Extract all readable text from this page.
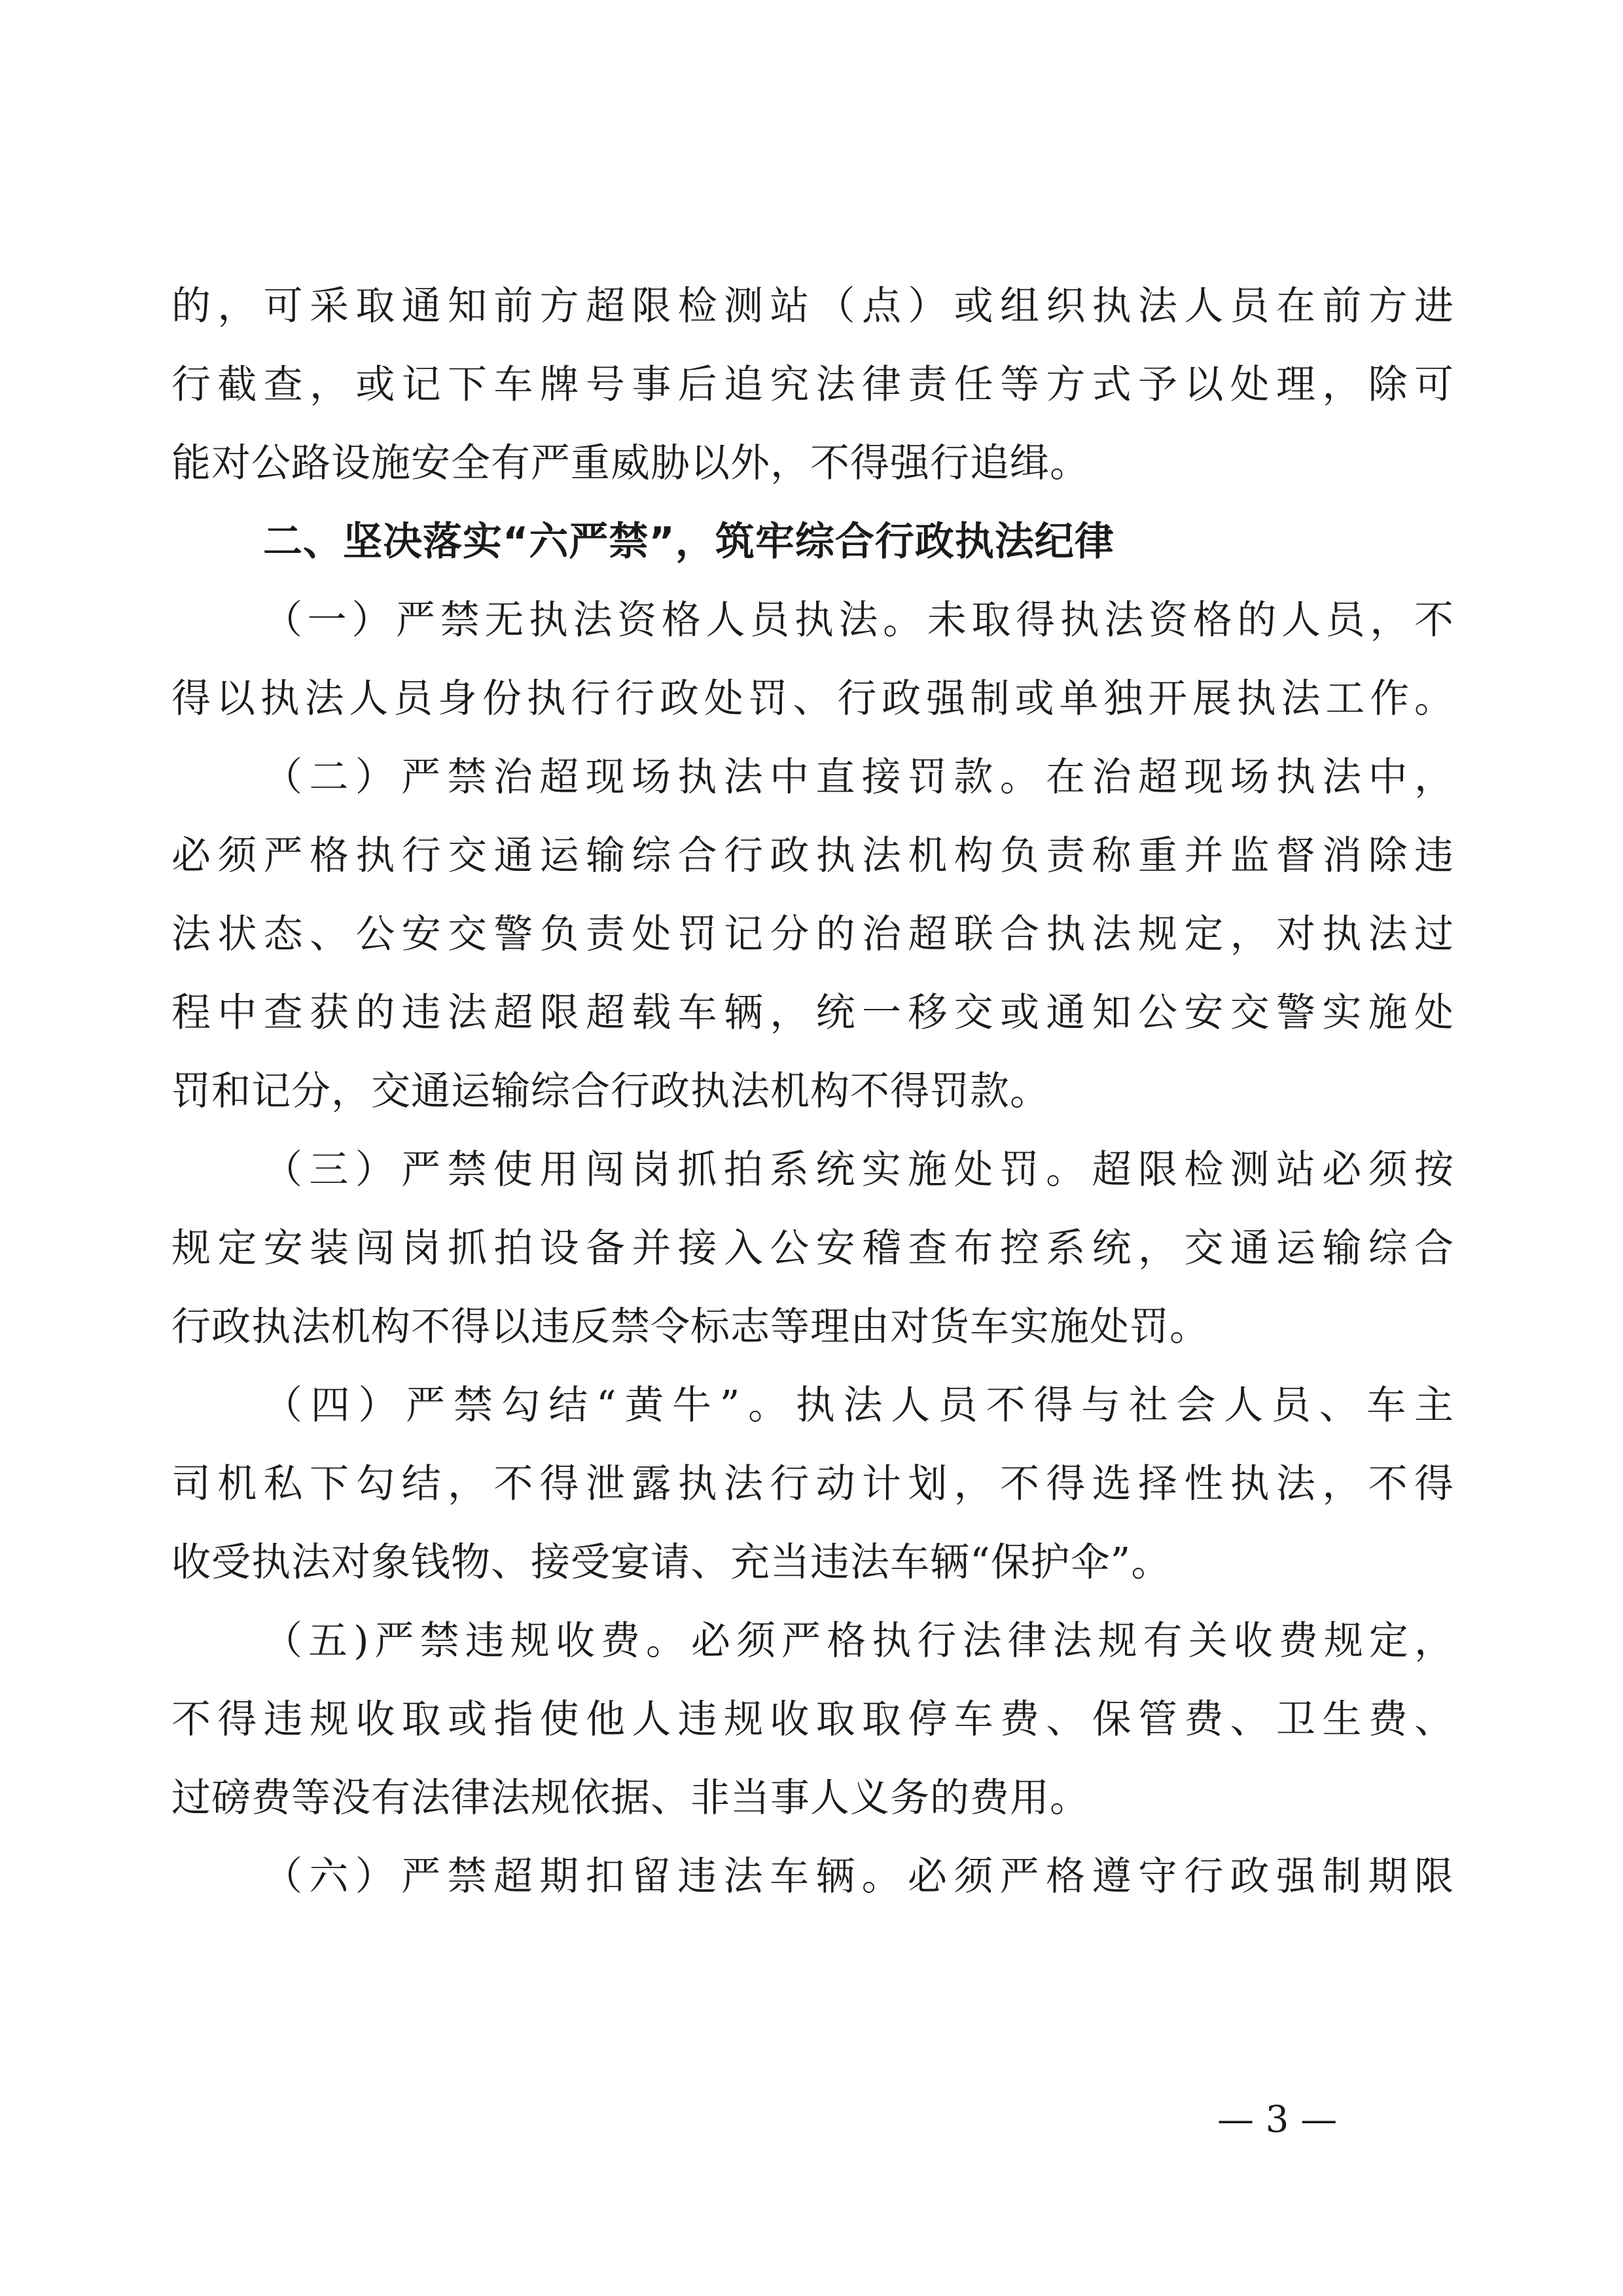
的，可采取通知前方超限检测站（点）或组织执法人员在前方进
行截查，或记下车牌号事后追究法律责任等方式予以处理，除可
能对公路设施安全有严重威胁以外，不得强行追缉。
二、坚决落实“六严禁”，筑牢综合行政执法纪律
（一）严禁无执法资格人员执法。未取得执法资格的人员，不
得以执法人员身份执行行政处罚、行政强制或单独开展执法工作。
（二）严禁治超现场执法中直接罚款。在治超现场执法中，
必须严格执行交通运输综合行政执法机构负责称重并监督消除违
法状态、公安交警负责处罚记分的治超联合执法规定，对执法过
程中查获的违法超限超载车辆，统一移交或通知公安交警实施处
罚和记分，交通运输综合行政执法机构不得罚款。
（三）严禁使用闯岗抓拍系统实施处罚。超限检测站必须按
规定安装闯岗抓拍设备并接入公安稽查布控系统，交通运输综合
行政执法机构不得以违反禁令标志等理由对货车实施处罚。
（四）严禁勾结“黄牛”。执法人员不得与社会人员、车主
司机私下勾结，不得泄露执法行动计划，不得选择性执法，不得
收受执法对象钱物、接受宴请、充当违法车辆“保护伞”。
（五)严禁违规收费。必须严格执行法律法规有关收费规定，
不得违规收取或指使他人违规收取取停车费、保管费、卫生费、
过磅费等没有法律法规依据、非当事人义务的费用。
（六）严禁超期扣留违法车辆。必须严格遵守行政强制期限
— 3 —
